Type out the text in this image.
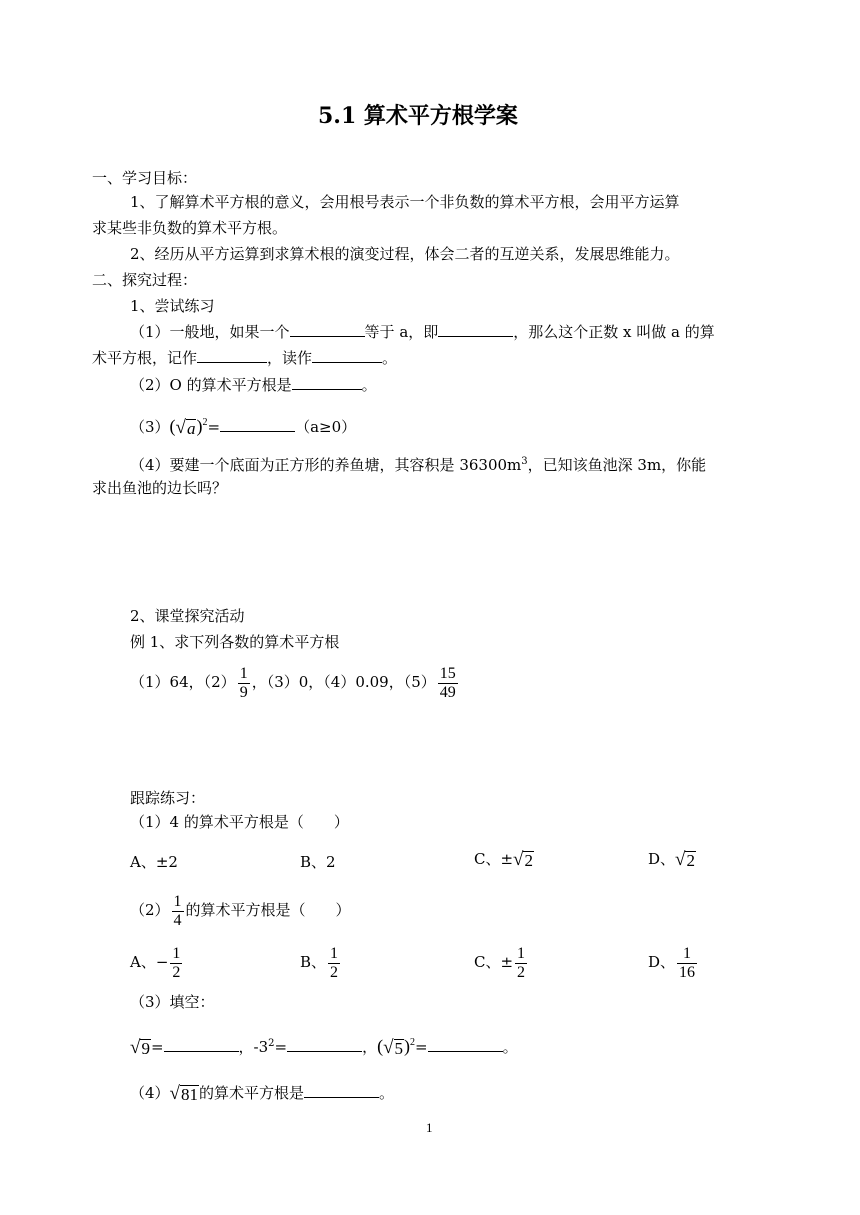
5.1 算术平方根学案
一、学习目标：
1、了解算术平方根的意义，会用根号表示一个非负数的算术平方根，会用平方运算
求某些非负数的算术平方根。
2、经历从平方运算到求算术根的演变过程，体会二者的互逆关系，发展思维能力。
二、探究过程：
1、尝试练习
（1）一般地，如果一个	等于 a，即	，那么这个正数 x 叫做 a 的算
术平方根，记作	，读作	。
（2）O 的算术平方根是	。
（3）( √ a )$^2$=	（a≥0）
（4）要建一个底面为正方形的养鱼塘，其容积是 $36300m^3$，已知该鱼池深 3m，你能
求出鱼池的边长吗？
2、课堂探究活动
例 1、求下列各数的算术平方根
（1）64，$(2) \frac{1}{9}$ ，（3）0，（4）0.09，$(5) \frac{15}{49}$
跟踪练习：
（1）4 的算术平方根是（　　）
A、±2	B、2	C、± √ 2	D、 √ 2
$(2) \frac{1}{4}$ 的算术平方根是（　　）
A、− $\frac{1}{2}$	B、 $\frac{1}{2}$	C、± $\frac{1}{2}$	D、 $\frac{1}{16}$
（3）填空：
√ 9 =	，$-3^2=$	，( √ 5 )$^2$=	。
（4） √ 81 的算术平方根是	。
1
